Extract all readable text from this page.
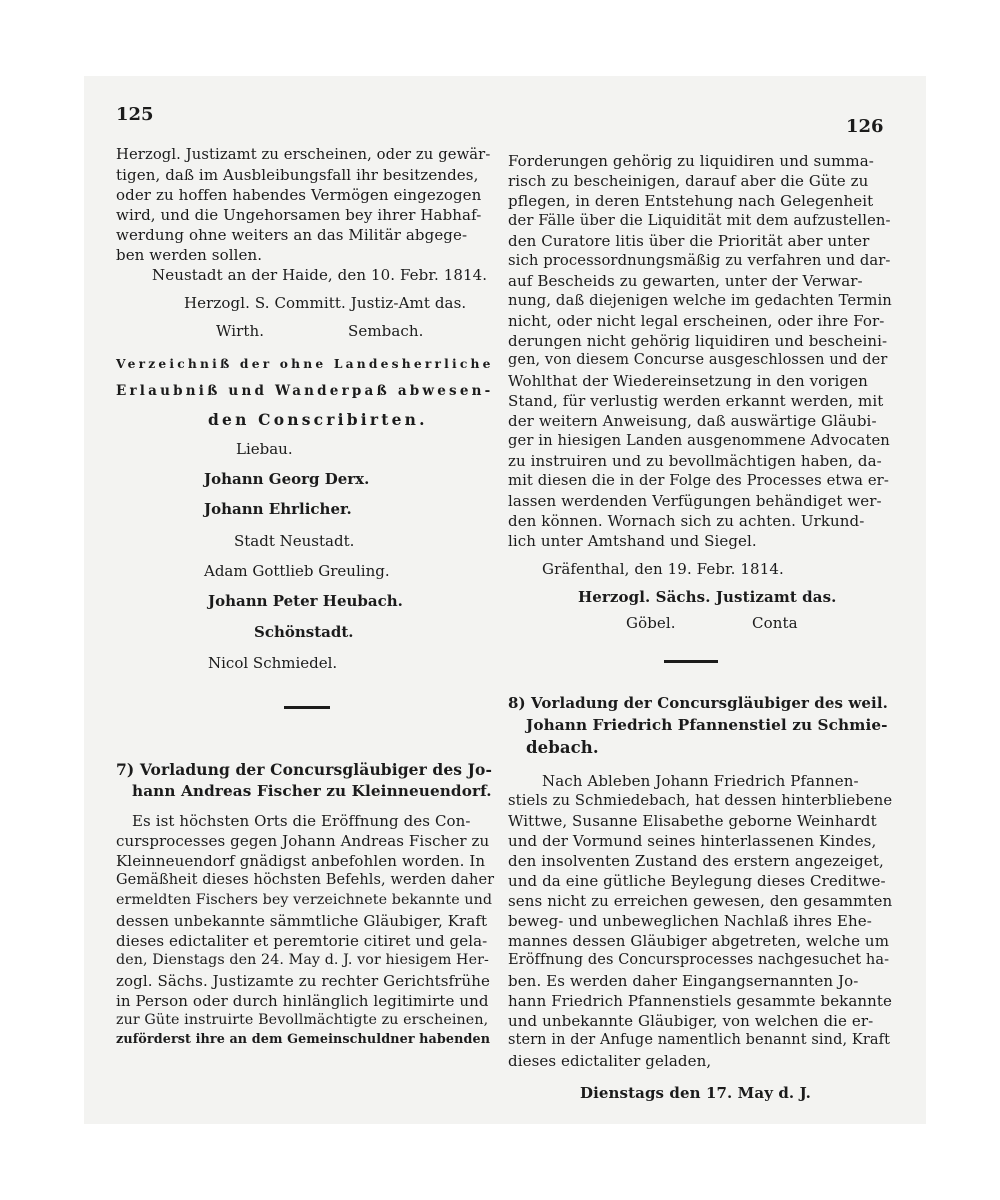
125
Herzogl. Justizamt zu erscheinen, oder zu gewär-
tigen, daß im Ausbleibungsfall ihr besitzendes,
oder zu hoffen habendes Vermögen eingezogen
wird, und die Ungehorsamen bey ihrer Habhaf-
werdung ohne weiters an das Militär abgege-
ben werden sollen.
Neustadt an der Haide, den 10. Febr. 1814.
Herzogl. S. Committ. Justiz-Amt das.
Wirth.	Sembach.
Verzeichniß der ohne Landesherrliche
Erlaubniß und Wanderpaß abwesen-
den Conscribirten.
Liebau.
Johann Georg Derx.
Johann Ehrlicher.
Stadt Neustadt.
Adam Gottlieb Greuling.
Johann Peter Heubach.
Schönstadt.
Nicol Schmiedel.
7) Vorladung der Concursgläubiger des Jo-
hann Andreas Fischer zu Kleinneuendorf.
Es ist höchsten Orts die Eröffnung des Con-
cursprocesses gegen Johann Andreas Fischer zu
Kleinneuendorf gnädigst anbefohlen worden. In
Gemäßheit dieses höchsten Befehls, werden daher
ermeldten Fischers bey verzeichnete bekannte und
dessen unbekannte sämmtliche Gläubiger, Kraft
dieses edictaliter et peremtorie citiret und gela-
den, Dienstags den 24. May d. J. vor hiesigem Her-
zogl. Sächs. Justizamte zu rechter Gerichtsfrühe
in Person oder durch hinlänglich legitimirte und
zur Güte instruirte Bevollmächtigte zu erscheinen,
zuförderst ihre an dem Gemeinschuldner habenden
126
Forderungen gehörig zu liquidiren und summa-
risch zu bescheinigen, darauf aber die Güte zu
pflegen, in deren Entstehung nach Gelegenheit
der Fälle über die Liquidität mit dem aufzustellen-
den Curatore litis über die Priorität aber unter
sich processordnungsmäßig zu verfahren und dar-
auf Bescheids zu gewarten, unter der Verwar-
nung, daß diejenigen welche im gedachten Termin
nicht, oder nicht legal erscheinen, oder ihre For-
derungen nicht gehörig liquidiren und bescheini-
gen, von diesem Concurse ausgeschlossen und der
Wohlthat der Wiedereinsetzung in den vorigen
Stand, für verlustig werden erkannt werden, mit
der weitern Anweisung, daß auswärtige Gläubi-
ger in hiesigen Landen ausgenommene Advocaten
zu instruiren und zu bevollmächtigen haben, da-
mit diesen die in der Folge des Processes etwa er-
lassen werdenden Verfügungen behändiget wer-
den können. Wornach sich zu achten. Urkund-
lich unter Amtshand und Siegel.
Gräfenthal, den 19. Febr. 1814.
Herzogl. Sächs. Justizamt das.
Göbel.	Conta
8) Vorladung der Concursgläubiger des weil.
Johann Friedrich Pfannenstiel zu Schmie-
debach.
Nach Ableben Johann Friedrich Pfannen-
stiels zu Schmiedebach, hat dessen hinterbliebene
Wittwe, Susanne Elisabethe geborne Weinhardt
und der Vormund seines hinterlassenen Kindes,
den insolventen Zustand des erstern angezeiget,
und da eine gütliche Beylegung dieses Creditwe-
sens nicht zu erreichen gewesen, den gesammten
beweg- und unbeweglichen Nachlaß ihres Ehe-
mannes dessen Gläubiger abgetreten, welche um
Eröffnung des Concursprocesses nachgesuchet ha-
ben. Es werden daher Eingangsernannten Jo-
hann Friedrich Pfannenstiels gesammte bekannte
und unbekannte Gläubiger, von welchen die er-
stern in der Anfuge namentlich benannt sind, Kraft
dieses edictaliter geladen,
Dienstags den 17. May d. J.
